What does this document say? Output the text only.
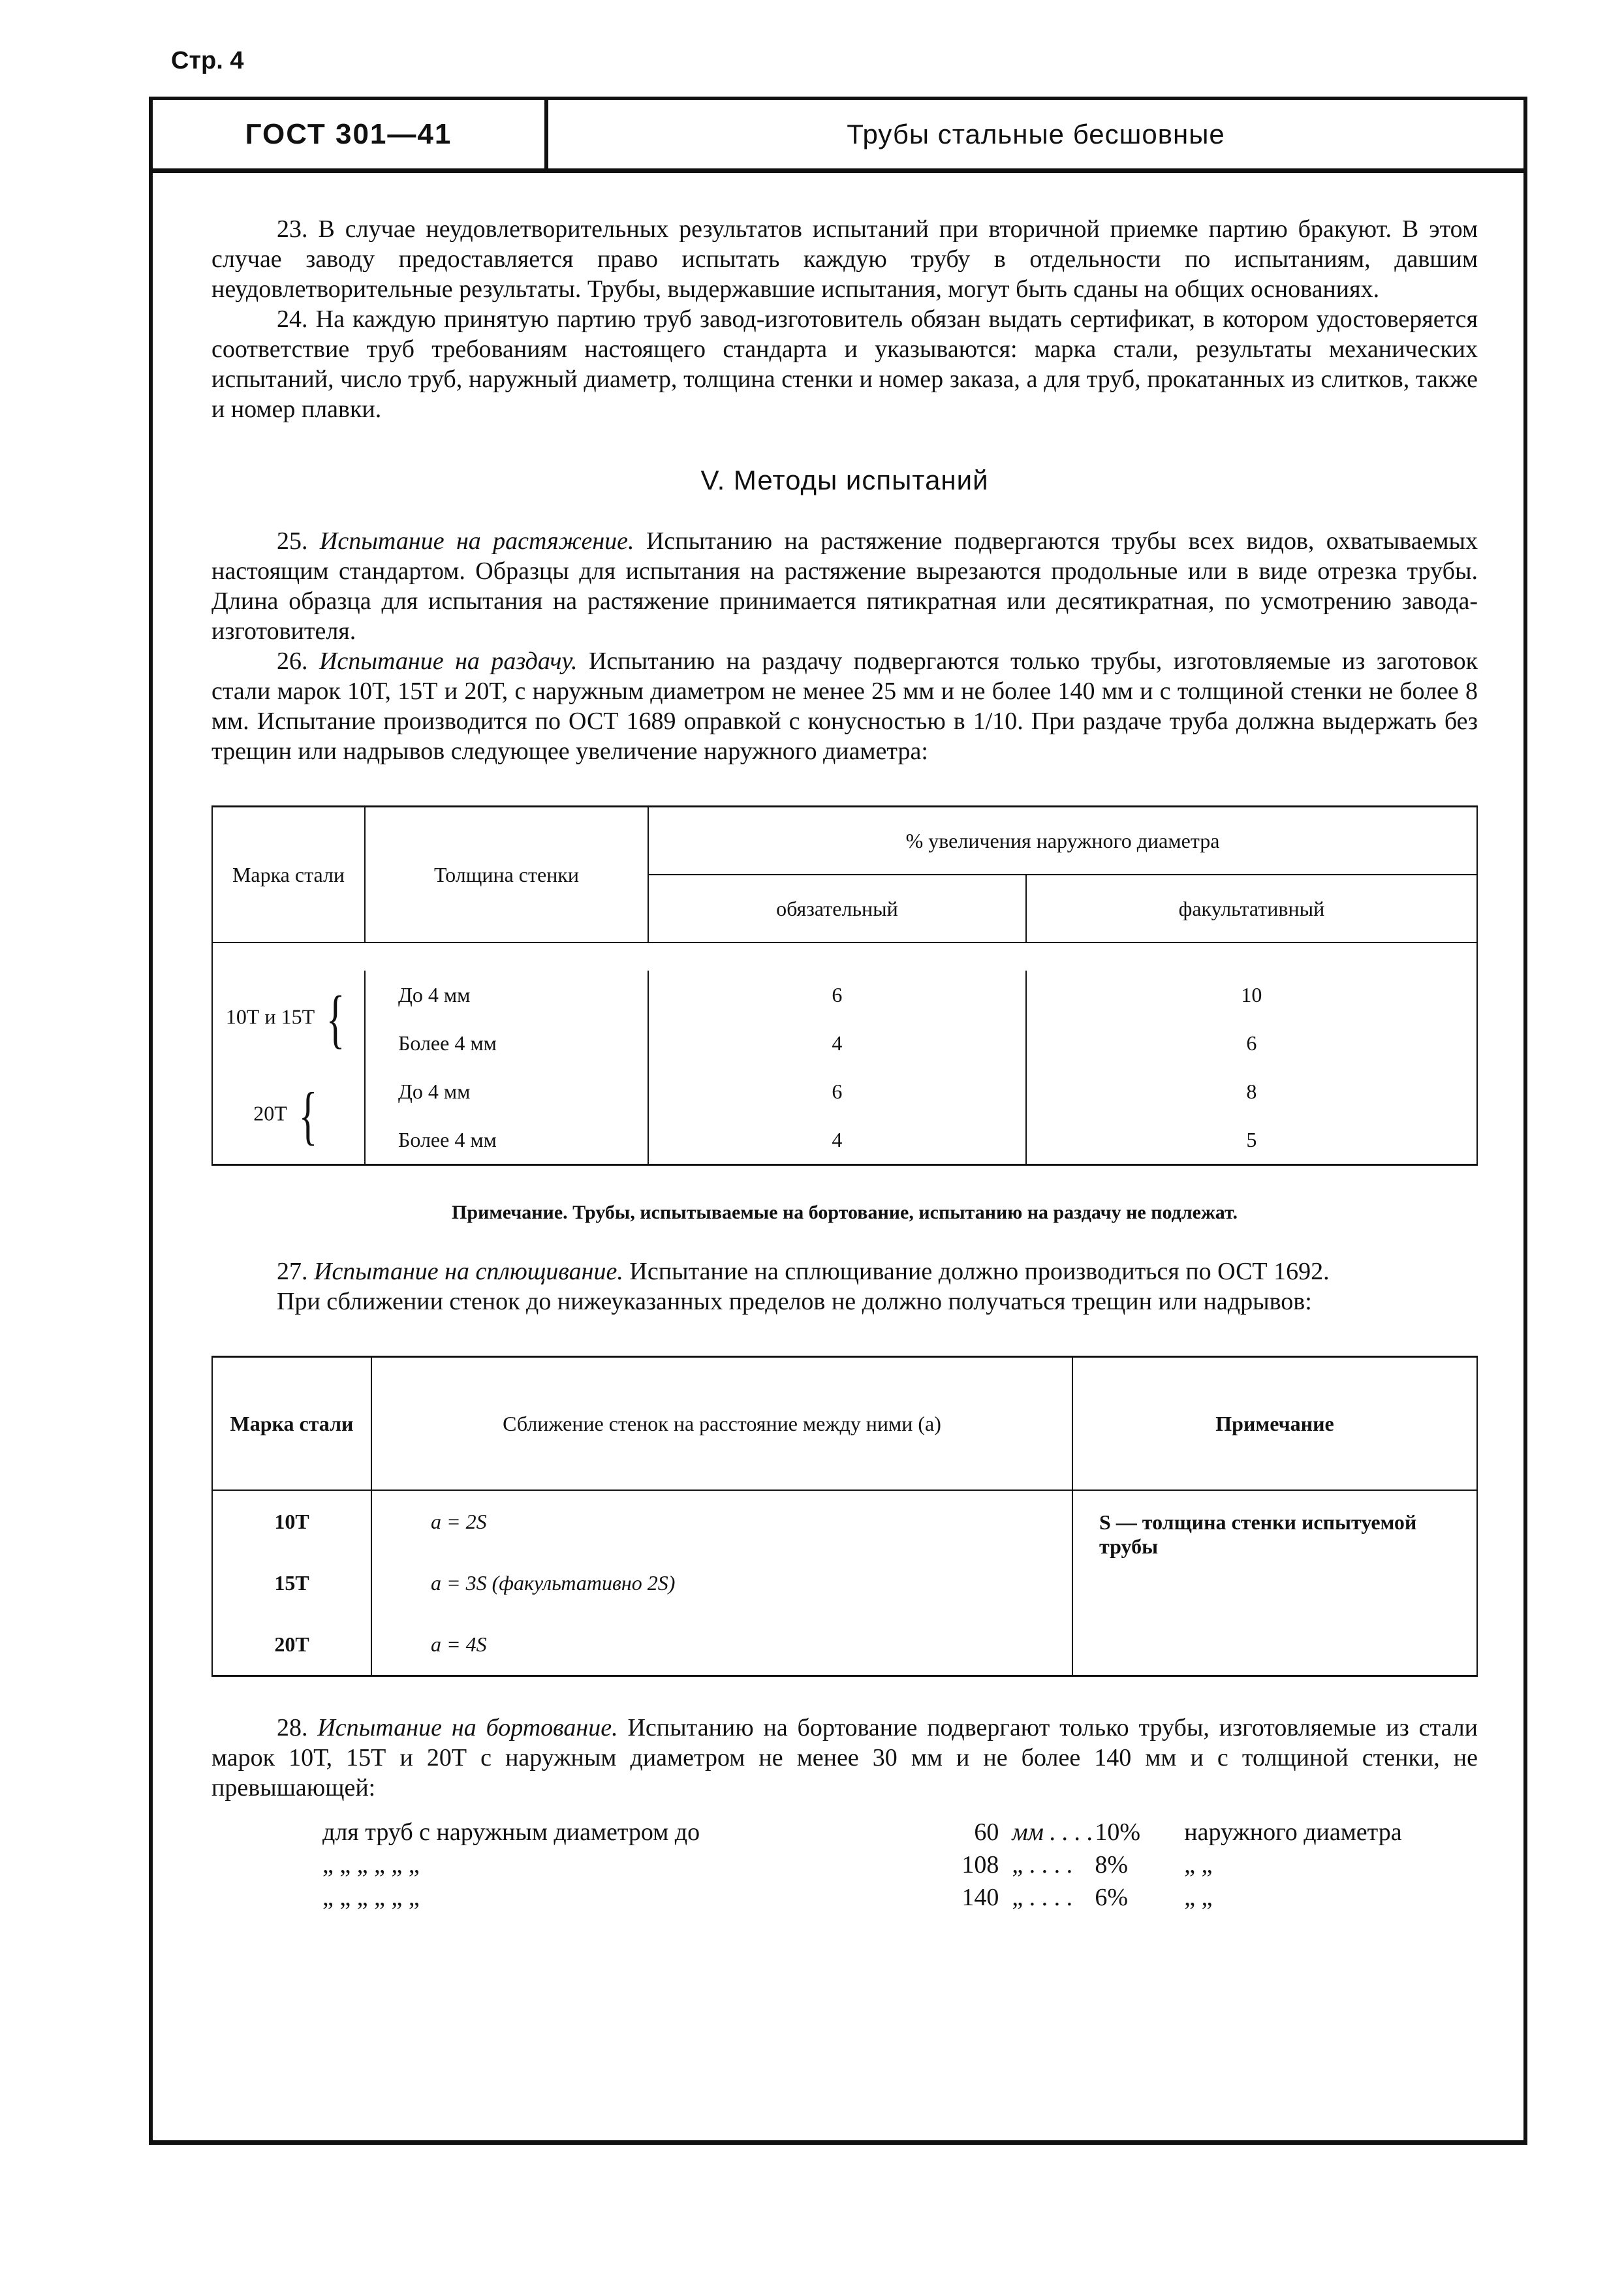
Стр. 4
ГОСТ 301—41	Трубы стальные бесшовные

23. В случае неудовлетворительных результатов испытаний при вторичной приемке партию бракуют. В этом случае заводу предоставляется право испытать каждую трубу в отдельности по испытаниям, давшим неудовлетворительные результаты. Трубы, выдержавшие испытания, могут быть сданы на общих основаниях.

24. На каждую принятую партию труб завод-изготовитель обязан выдать сертификат, в котором удостоверяется соответствие труб требованиям настоящего стандарта и указываются: марка стали, результаты механических испытаний, число труб, наружный диаметр, толщина стенки и номер заказа, а для труб, прокатанных из слитков, также и номер плавки.

V. Методы испытаний

25. Испытание на растяжение. Испытанию на растяжение подвергаются трубы всех видов, охватываемых настоящим стандартом. Образцы для испытания на растяжение вырезаются продольные или в виде отрезка трубы. Длина образца для испытания на растяжение принимается пятикратная или десятикратная, по усмотрению завода-изготовителя.

26. Испытание на раздачу. Испытанию на раздачу подвергаются только трубы, изготовляемые из заготовок стали марок 10Т, 15Т и 20Т, с наружным диаметром не менее 25 мм и не более 140 мм и с толщиной стенки не более 8 мм. Испытание производится по ОСТ 1689 оправкой с конусностью в 1/10. При раздаче труба должна выдержать без трещин или надрывов следующее увеличение наружного диаметра:

Марка стали	Толщина стенки	% увеличения наружного диаметра	
		обязательный	факультативный

10Т и 15Т {	До 4 мм	6	10
	Более 4 мм	4	6
20Т {	До 4 мм	6	8
	Более 4 мм	4	5
Примечание. Трубы, испытываемые на бортование, испытанию на раздачу не подлежат.

27. Испытание на сплющивание. Испытание на сплющивание должно производиться по ОСТ 1692.

При сближении стенок до нижеуказанных пределов не должно получаться трещин или надрывов:

Марка стали	Сближение стенок на расстояние между ними (a)	Примечание
10Т	a = 2S	S — толщина стенки испытуемой трубы
15Т	a = 3S (факультативно 2S)	
20Т	a = 4S	

28. Испытание на бортование. Испытанию на бортование подвергают только трубы, изготовляемые из стали марок 10Т, 15Т и 20Т с наружным диаметром не менее 30 мм и не более 140 мм и с толщиной стенки, не превышающей:

для труб с наружным диаметром до	60 мм . . . . 10%	наружного диаметра
„ „ „ „ „ „	108 „ . . . . 8%	„ „
„ „ „ „ „ „	140 „ . . . . 6%	„ „
